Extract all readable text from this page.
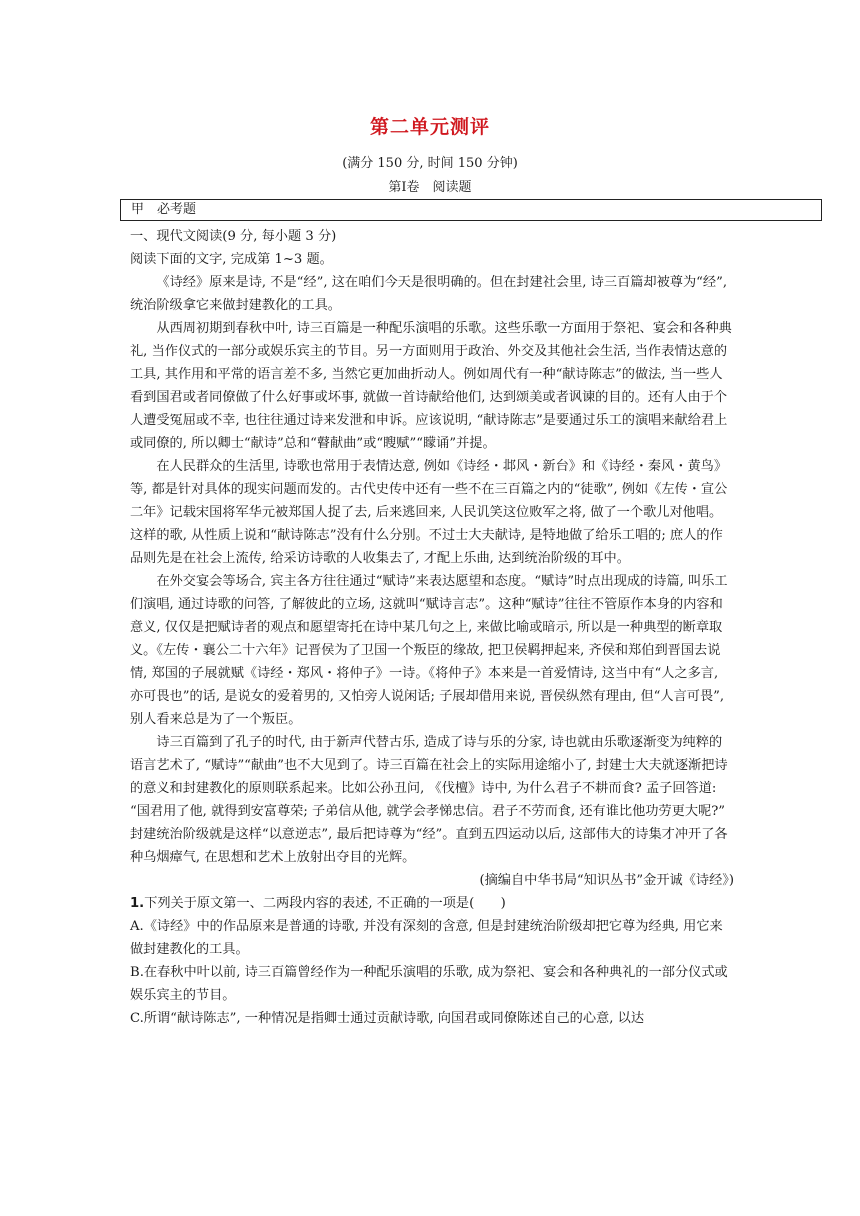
第二单元测评
(满分 150 分, 时间 150 分钟)
第Ⅰ卷　阅读题
甲　必考题

一、现代文阅读(9 分, 每小题 3 分)

阅读下面的文字, 完成第 1~3 题。

《诗经》原来是诗, 不是“经”, 这在咱们今天是很明确的。但在封建社会里, 诗三百篇却被尊为“经”, 统治阶级拿它来做封建教化的工具。

从西周初期到春秋中叶, 诗三百篇是一种配乐演唱的乐歌。这些乐歌一方面用于祭祀、宴会和各种典礼, 当作仪式的一部分或娱乐宾主的节目。另一方面则用于政治、外交及其他社会生活, 当作表情达意的工具, 其作用和平常的语言差不多, 当然它更加曲折动人。例如周代有一种“献诗陈志”的做法, 当一些人看到国君或者同僚做了什么好事或坏事, 就做一首诗献给他们, 达到颂美或者讽谏的目的。还有人由于个人遭受冤屈或不幸, 也往往通过诗来发泄和申诉。应该说明, “献诗陈志”是要通过乐工的演唱来献给君上或同僚的, 所以卿士“献诗”总和“瞽献曲”或“瞍赋”“矇诵”并提。

在人民群众的生活里, 诗歌也常用于表情达意, 例如《诗经・邶风・新台》和《诗经・秦风・黄鸟》等, 都是针对具体的现实问题而发的。古代史传中还有一些不在三百篇之内的“徒歌”, 例如《左传・宣公二年》记载宋国将军华元被郑国人捉了去, 后来逃回来, 人民讥笑这位败军之将, 做了一个歌儿对他唱。这样的歌, 从性质上说和“献诗陈志”没有什么分别。不过士大夫献诗, 是特地做了给乐工唱的; 庶人的作品则先是在社会上流传, 给采访诗歌的人收集去了, 才配上乐曲, 达到统治阶级的耳中。

在外交宴会等场合, 宾主各方往往通过“赋诗”来表达愿望和态度。“赋诗”时点出现成的诗篇, 叫乐工们演唱, 通过诗歌的问答, 了解彼此的立场, 这就叫“赋诗言志”。这种“赋诗”往往不管原作本身的内容和意义, 仅仅是把赋诗者的观点和愿望寄托在诗中某几句之上, 来做比喻或暗示, 所以是一种典型的断章取义。《左传・襄公二十六年》记晋侯为了卫国一个叛臣的缘故, 把卫侯羁押起来, 齐侯和郑伯到晋国去说情, 郑国的子展就赋《诗经・郑风・将仲子》一诗。《将仲子》本来是一首爱情诗, 这当中有“人之多言, 亦可畏也”的话, 是说女的爱着男的, 又怕旁人说闲话; 子展却借用来说, 晋侯纵然有理由, 但“人言可畏”, 别人看来总是为了一个叛臣。

诗三百篇到了孔子的时代, 由于新声代替古乐, 造成了诗与乐的分家, 诗也就由乐歌逐渐变为纯粹的语言艺术了, “赋诗”“献曲”也不大见到了。诗三百篇在社会上的实际用途缩小了, 封建士大夫就逐渐把诗的意义和封建教化的原则联系起来。比如公孙丑问, 《伐檀》诗中, 为什么君子不耕而食? 孟子回答道: “国君用了他, 就得到安富尊荣; 子弟信从他, 就学会孝悌忠信。君子不劳而食, 还有谁比他功劳更大呢?” 封建统治阶级就是这样“以意逆志”, 最后把诗尊为“经”。直到五四运动以后, 这部伟大的诗集才冲开了各种乌烟瘴气, 在思想和艺术上放射出夺目的光辉。

(摘编自中华书局“知识丛书”金开诚《诗经》)

1.下列关于原文第一、二两段内容的表述, 不正确的一项是(　　)

A.《诗经》中的作品原来是普通的诗歌, 并没有深刻的含意, 但是封建统治阶级却把它尊为经典, 用它来做封建教化的工具。

B.在春秋中叶以前, 诗三百篇曾经作为一种配乐演唱的乐歌, 成为祭祀、宴会和各种典礼的一部分仪式或娱乐宾主的节目。

C.所谓“献诗陈志”, 一种情况是指卿士通过贡献诗歌, 向国君或同僚陈述自己的心意, 以达
